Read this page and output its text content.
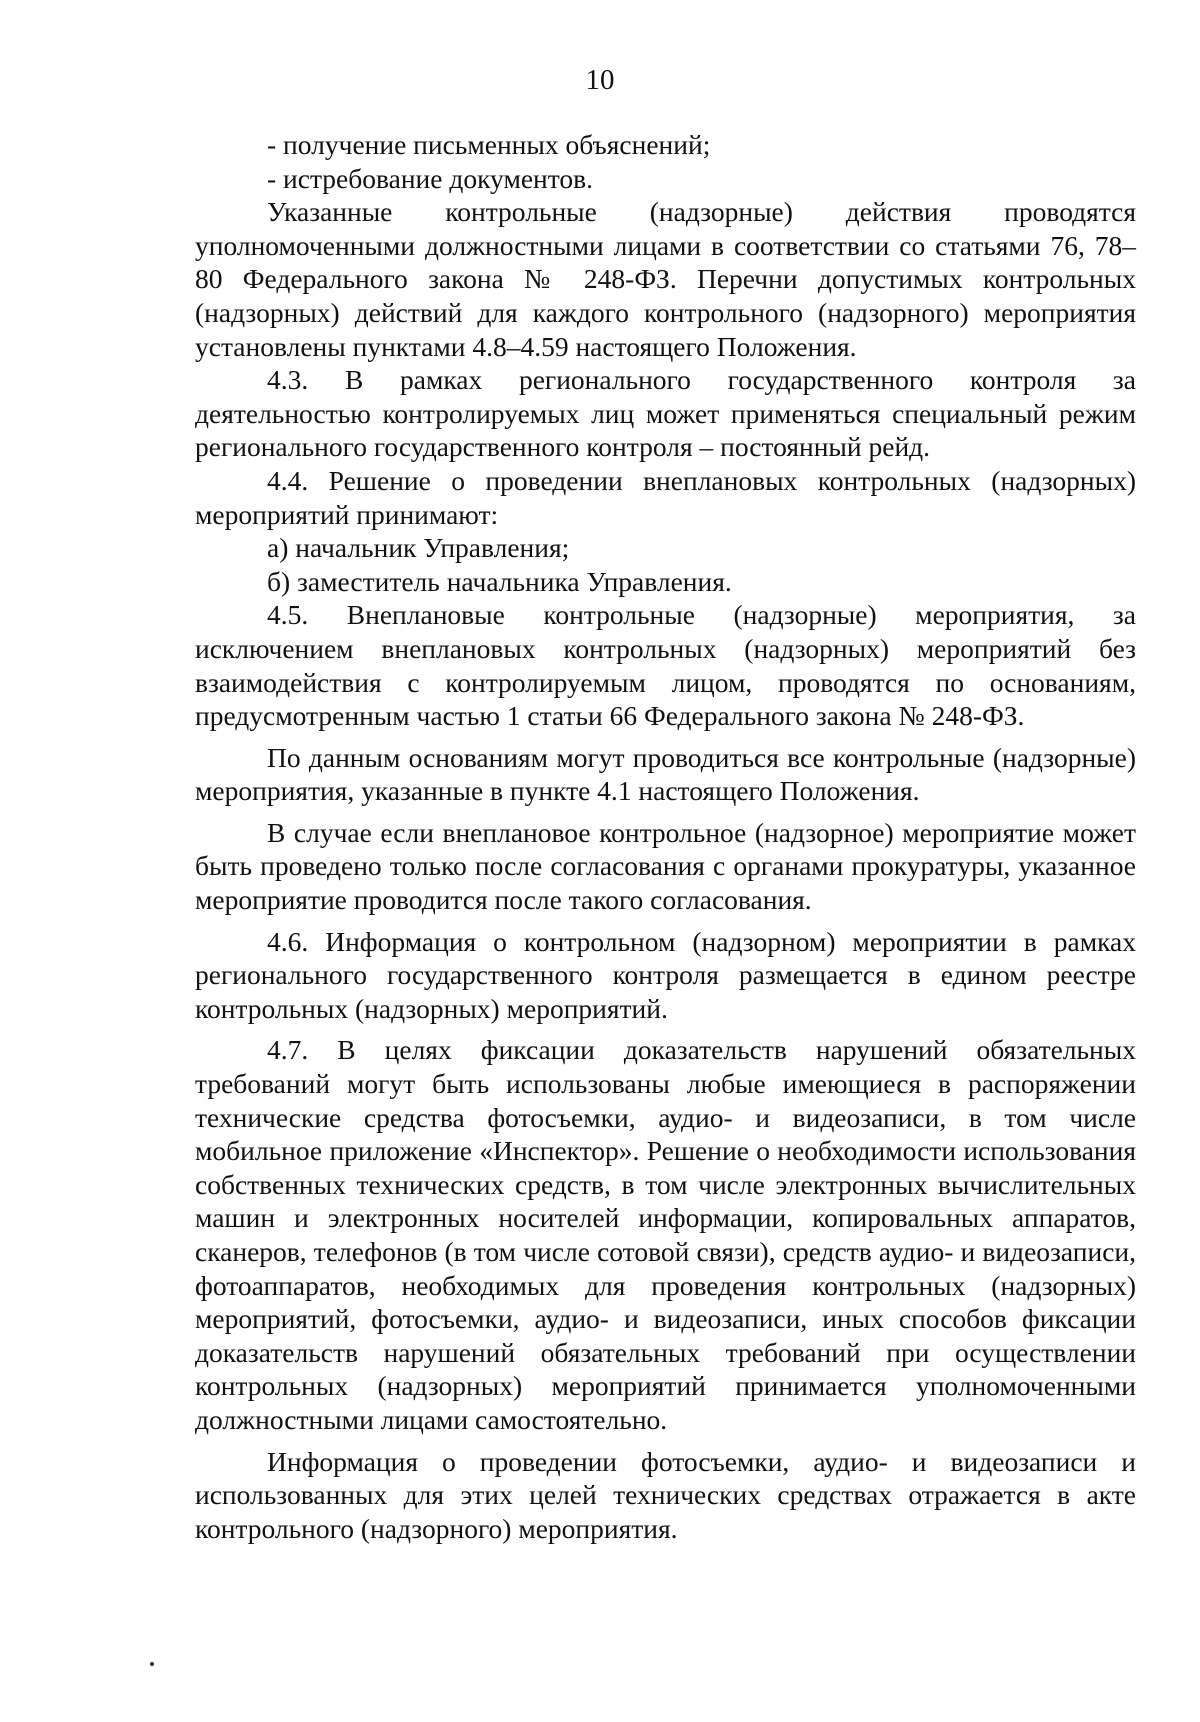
10

- получение письменных объяснений;

- истребование документов.

Указанные контрольные (надзорные) действия проводятся уполномоченными должностными лицами в соответствии со статьями 76, 78–80 Федерального закона № 248-ФЗ. Перечни допустимых контрольных (надзорных) действий для каждого контрольного (надзорного) мероприятия установлены пунктами 4.8–4.59 настоящего Положения.

4.3. В рамках регионального государственного контроля за деятельностью контролируемых лиц может применяться специальный режим регионального государственного контроля – постоянный рейд.

4.4. Решение о проведении внеплановых контрольных (надзорных) мероприятий принимают:

а) начальник Управления;

б) заместитель начальника Управления.

4.5. Внеплановые контрольные (надзорные) мероприятия, за исключением внеплановых контрольных (надзорных) мероприятий без взаимодействия с контролируемым лицом, проводятся по основаниям, предусмотренным частью 1 статьи 66 Федерального закона № 248-ФЗ.

По данным основаниям могут проводиться все контрольные (надзорные) мероприятия, указанные в пункте 4.1 настоящего Положения.

В случае если внеплановое контрольное (надзорное) мероприятие может быть проведено только после согласования с органами прокуратуры, указанное мероприятие проводится после такого согласования.

4.6. Информация о контрольном (надзорном) мероприятии в рамках регионального государственного контроля размещается в едином реестре контрольных (надзорных) мероприятий.

4.7. В целях фиксации доказательств нарушений обязательных требований могут быть использованы любые имеющиеся в распоряжении технические средства фотосъемки, аудио- и видеозаписи, в том числе мобильное приложение «Инспектор». Решение о необходимости использования собственных технических средств, в том числе электронных вычислительных машин и электронных носителей информации, копировальных аппаратов, сканеров, телефонов (в том числе сотовой связи), средств аудио- и видеозаписи, фотоаппаратов, необходимых для проведения контрольных (надзорных) мероприятий, фотосъемки, аудио- и видеозаписи, иных способов фиксации доказательств нарушений обязательных требований при осуществлении контрольных (надзорных) мероприятий принимается уполномоченными должностными лицами самостоятельно.

Информация о проведении фотосъемки, аудио- и видеозаписи и использованных для этих целей технических средствах отражается в акте контрольного (надзорного) мероприятия.
